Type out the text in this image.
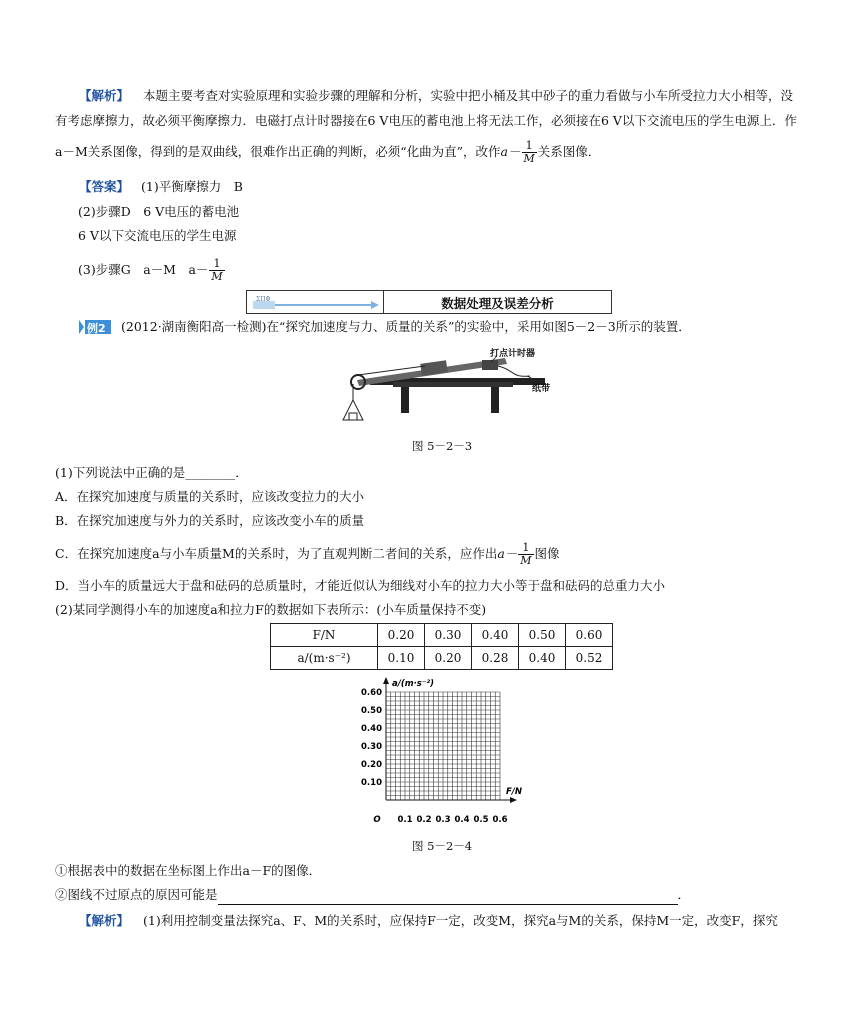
【解析】 本题主要考查对实验原理和实验步骤的理解和分析，实验中把小桶及其中砂子的重力看做与小车所受拉力大小相等，没
有考虑摩擦力，故必须平衡摩擦力．电磁打点计时器接在6 V电压的蓄电池上将无法工作，必须接在6 V以下交流电压的学生电源上．作
a－M关系图像，得到的是双曲线，很难作出正确的判断，必须“化曲为直”，改作$a- \frac{1}{M}$ 关系图像．
【答案】 (1)平衡摩擦力　B
(2)步骤D　6 V电压的蓄电池
6 V以下交流电压的学生电源
(3)步骤G　a－M　$a- \frac{1}{M}$
ΣΠΦ	数据处理及误差分析
例2 (2012·湖南衡阳高一检测)在“探究加速度与力、质量的关系”的实验中，采用如图5－2－3所示的装置．
打点计时器
纸带
图 5－2－3
(1)下列说法中正确的是________．
A．在探究加速度与质量的关系时，应该改变拉力的大小
B．在探究加速度与外力的关系时，应该改变小车的质量
C．在探究加速度a与小车质量M的关系时，为了直观判断二者间的关系，应作出$a- \frac{1}{M}$ 图像
D．当小车的质量远大于盘和砝码的总质量时，才能近似认为细线对小车的拉力大小等于盘和砝码的总重力大小
(2)某同学测得小车的加速度a和拉力F的数据如下表所示：(小车质量保持不变)
F/N	0.20	0.30	0.40	0.50	0.60
a/(m·s⁻²)	0.10	0.20	0.28	0.40	0.52
0.60
0.50
0.40
0.30
0.20
0.10
0.1 0.2 0.3 0.4 0.5 0.6
O
a/(m·s⁻²)
F/N
图 5－2－4
①根据表中的数据在坐标图上作出a－F的图像．
②图线不过原点的原因可能是	．
【解析】 (1)利用控制变量法探究a、F、M的关系时，应保持F一定，改变M，探究a与M的关系，保持M一定，改变F，探究
